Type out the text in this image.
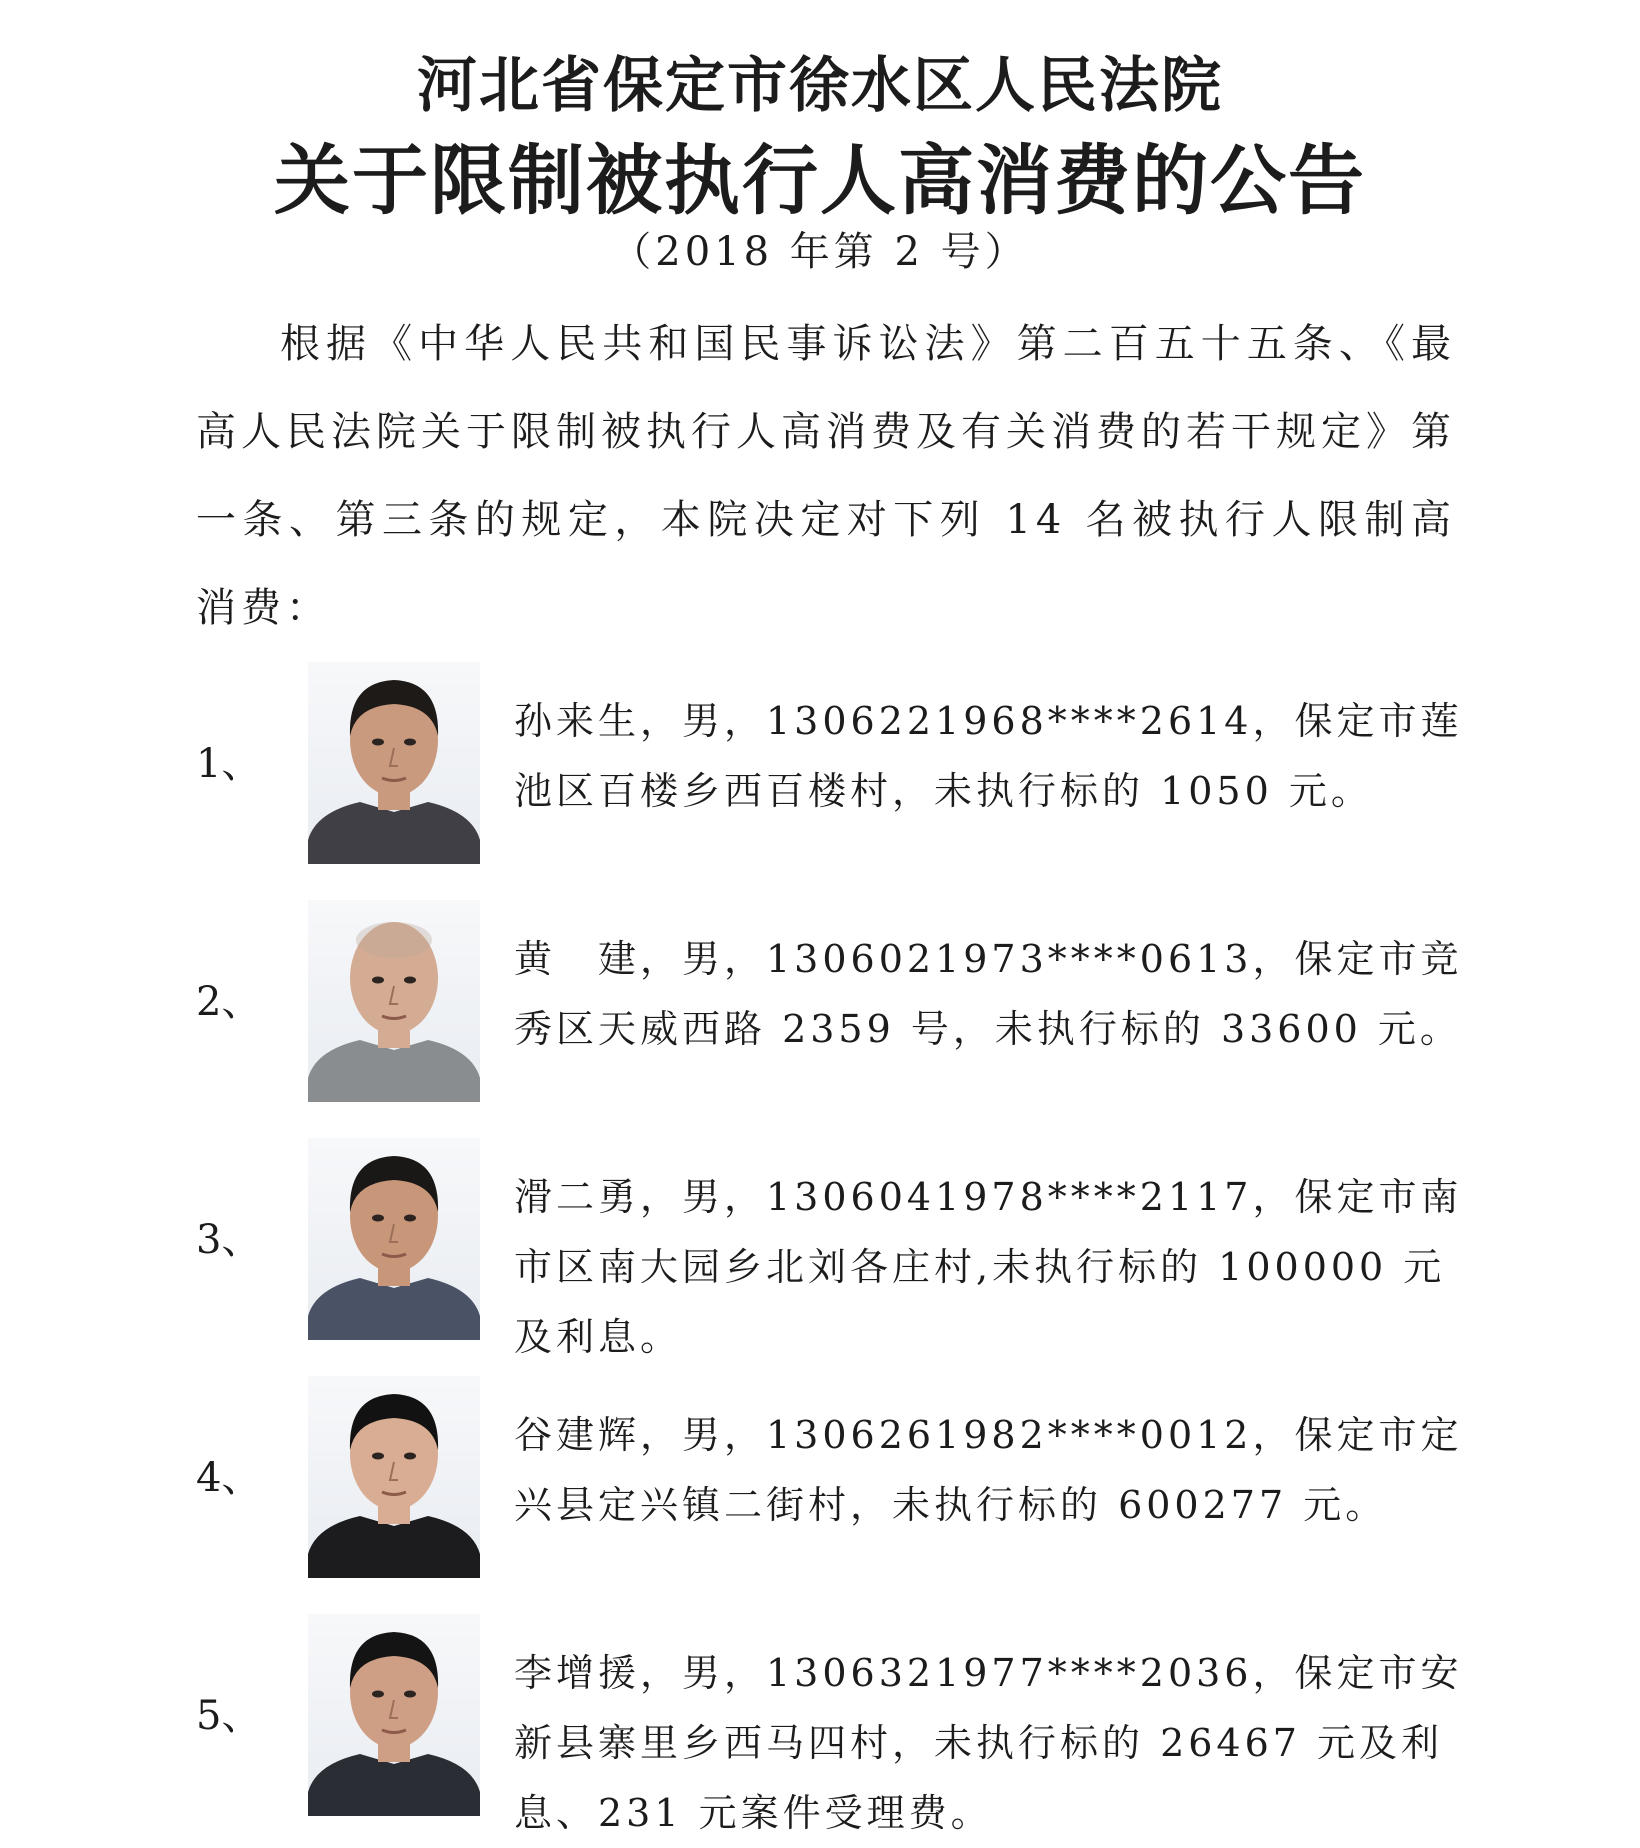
河北省保定市徐水区人民法院
关于限制被执行人高消费的公告
（2018 年第 2 号）
根据《中华人民共和国民事诉讼法》第二百五十五条、《最高人民法院关于限制被执行人高消费及有关消费的若干规定》第一条、第三条的规定，本院决定对下列 14 名被执行人限制高消费：
1、
孙来生，男，1306221968****2614，保定市莲池区百楼乡西百楼村，未执行标的 1050 元。
2、
黄　建，男，1306021973****0613，保定市竞秀区天威西路 2359 号，未执行标的 33600 元。
3、
滑二勇，男，1306041978****2117，保定市南市区南大园乡北刘各庄村,未执行标的 100000 元及利息。
4、
谷建辉，男，1306261982****0012，保定市定兴县定兴镇二街村，未执行标的 600277 元。
5、
李增援，男，1306321977****2036，保定市安新县寨里乡西马四村，未执行标的 26467 元及利息、231 元案件受理费。
